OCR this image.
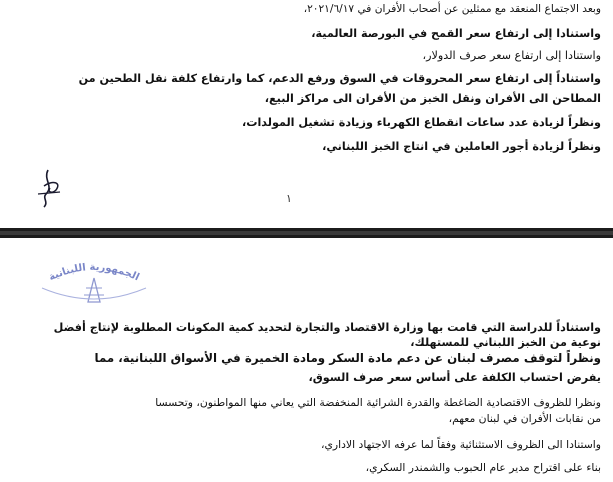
وبعد الاجتماع المنعقد مع ممثلين عن أصحاب الأفران في ٢٠٢١/٦/١٧،
واستنادا إلى ارتفاع سعر القمح في البورصة العالمية،
واستنادا إلى ارتفاع سعر صرف الدولار،
واستناداً إلى ارتفاع سعر المحروقات في السوق ورفع الدعم، كما وارتفاع كلفة نقل الطحين من
المطاحن الى الأفران ونقل الخبز من الأفران الى مراكز البيع،
ونظراً لزيادة عدد ساعات انقطاع الكهرباء وزيادة تشغيل المولدات،
ونظراً لزيادة أجور العاملين في انتاج الخبز اللبناني،
١
الجمهورية اللبنانية
واستناداً للدراسة التي قامت بها وزارة الاقتصاد والتجارة لتحديد كمية المكونات المطلوبة لإنتاج أفضل
نوعية من الخبز اللبناني للمستهلك،
ونظراً لتوقف مصرف لبنان عن دعم مادة السكر ومادة الخميرة في الأسواق اللبنانية، مما
يفرض احتساب الكلفة على أساس سعر صرف السوق،
ونظرا للظروف الاقتصادية الضاغطة والقدرة الشرائية المنخفضة التي يعاني منها المواطنون، وتحسسا
من نقابات الأفران في لبنان معهم،
واستنادا الى الظروف الاستثنائية وفقاً لما عرفه الاجتهاد الاداري،
بناء على اقتراح مدير عام الحبوب والشمندر السكري،
